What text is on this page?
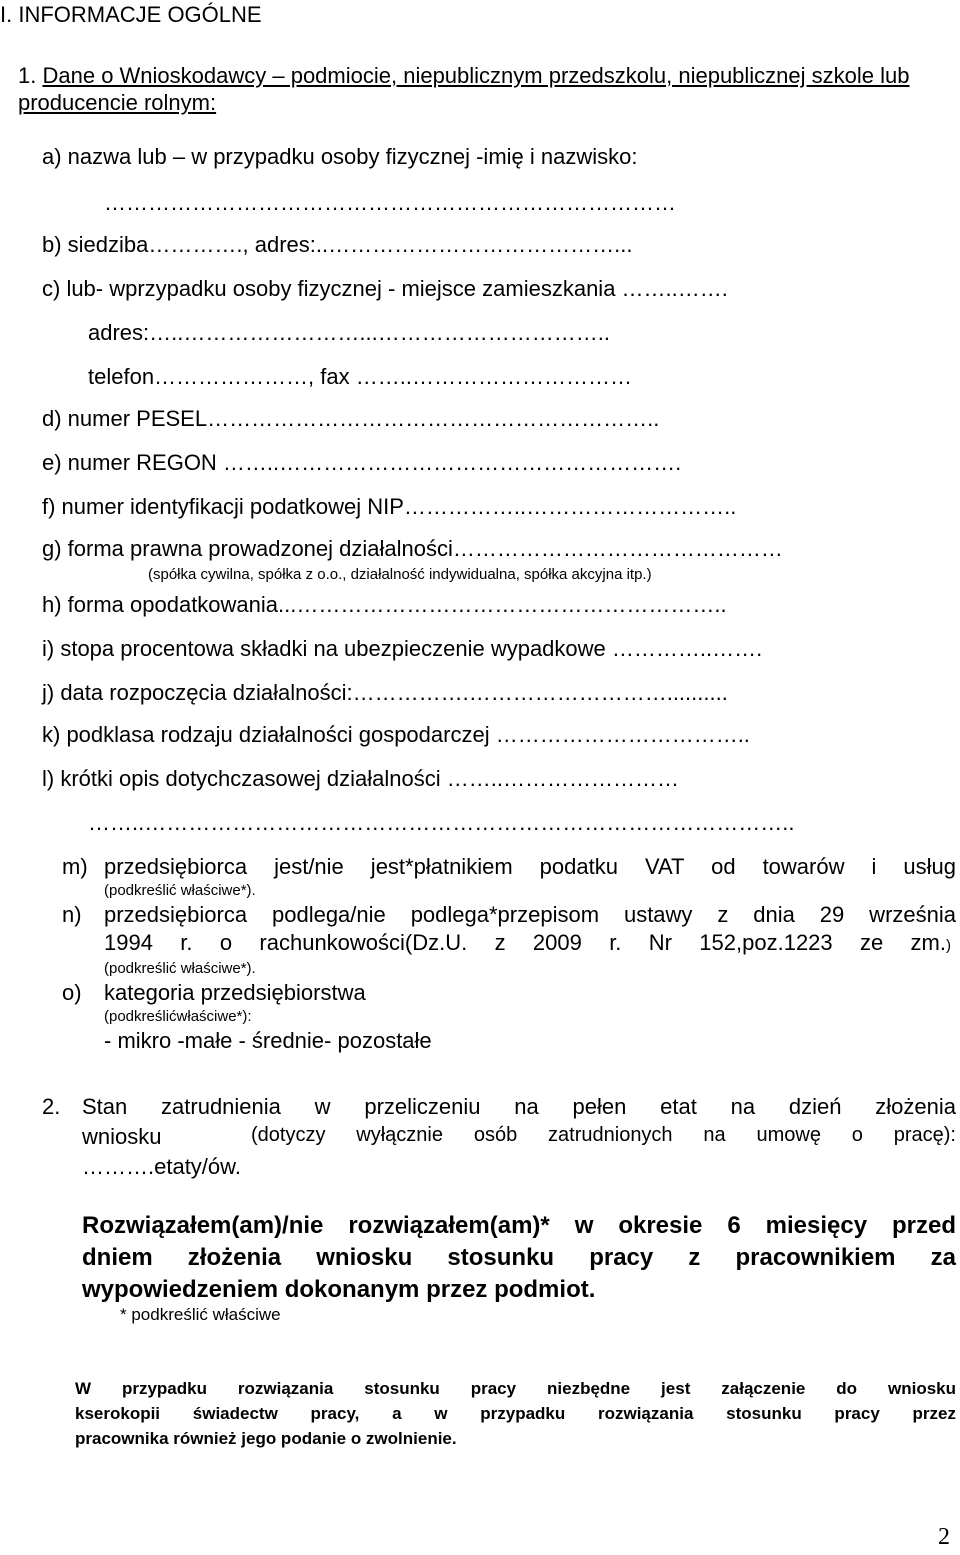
I. INFORMACJE OGÓLNE
1. Dane o Wnioskodawcy – podmiocie, niepublicznym przedszkolu, niepublicznej szkole lub producencie rolnym:
a) nazwa lub – w przypadku osoby fizycznej -imię i nazwisko:
……………………………………………………………………
b) siedziba…………., adres:..…………………………………...
c) lub- wprzypadku osoby fizycznej - miejsce zamieszkania ……..…….
adres:…..……………………...…………………………..
telefon…………………, fax ……..…………………………
d) numer PESEL……………………………………………………..
e) numer REGON ……..……………………………………………….
f) numer identyfikacji podatkowej NIP……………..………………………..
g) forma prawna prowadzonej działalności………………………………………
(spółka cywilna, spółka z o.o., działalność indywidualna, spółka akcyjna itp.)
h) forma opodatkowania...…………………………………………………..
i) stopa procentowa składki na ubezpieczenie wypadkowe …………..…….
j) data rozpoczęcia działalności:…………….………………………..........
k) podklasa rodzaju działalności gospodarczej ……………………………..
l) krótki opis dotychczasowej działalności ……..……………………
……..……………………………………………………………………………..
m) przedsiębiorca jest/nie jest*płatnikiem podatku VAT od towarów i usług
(podkreślić właściwe*).
n) przedsiębiorca podlega/nie podlega*przepisom ustawy z dnia 29 września
1994 r. o rachunkowości(Dz.U. z 2009 r. Nr 152,poz.1223 ze zm.)
(podkreślić właściwe*).
o) kategoria przedsiębiorstwa
(podkreślićwłaściwe*):
- mikro -małe - średnie- pozostałe
2. Stan zatrudnienia w przeliczeniu na pełen etat na dzień złożenia
wniosku	(dotyczy wyłącznie osób zatrudnionych na umowę o pracę):
……….etaty/ów.
Rozwiązałem(am)/nie rozwiązałem(am)* w okresie 6 miesięcy przed
dniem złożenia wniosku stosunku pracy z pracownikiem za
wypowiedzeniem dokonanym przez podmiot.
* podkreślić właściwe
W przypadku rozwiązania stosunku pracy niezbędne jest załączenie do wniosku
kserokopii świadectw pracy, a w przypadku rozwiązania stosunku pracy przez
pracownika również jego podanie o zwolnienie.
2
